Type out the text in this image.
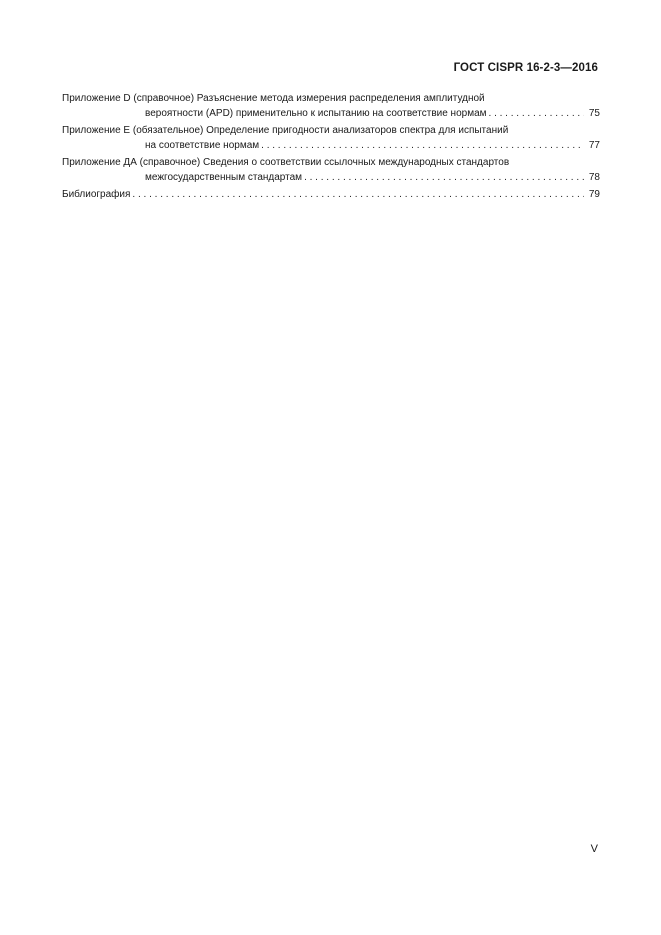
ГОСТ CISPR 16-2-3—2016
Приложение D (справочное) Разъяснение метода измерения распределения амплитудной
вероятности (APD) применительно к испытанию на соответствие нормам . . .	75
Приложение E (обязательное) Определение пригодности анализаторов спектра для испытаний
на соответствие нормам . . .	77
Приложение ДА (справочное) Сведения о соответствии ссылочных международных стандартов
межгосударственным стандартам . . .	78
Библиография . . .	79
V
